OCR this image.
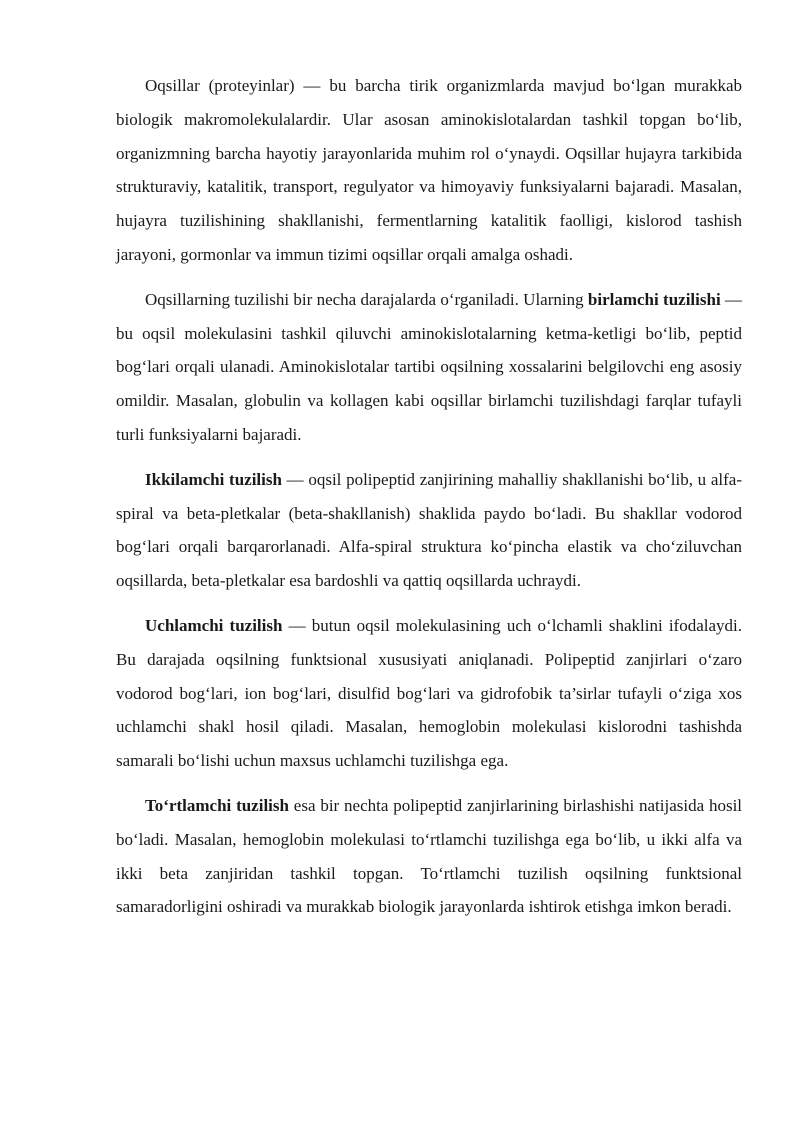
Oqsillar (proteyinlar) — bu barcha tirik organizmlarda mavjud bo‘lgan murakkab biologik makromolekulalardir. Ular asosan aminokislotalardan tashkil topgan bo‘lib, organizmning barcha hayotiy jarayonlarida muhim rol o‘ynaydi. Oqsillar hujayra tarkibida strukturaviy, katalitik, transport, regulyator va himoyaviy funksiyalarni bajaradi. Masalan, hujayra tuzilishining shakllanishi, fermentlarning katalitik faolligi, kislorod tashish jarayoni, gormonlar va immun tizimi oqsillar orqali amalga oshadi.

Oqsillarning tuzilishi bir necha darajalarda o‘rganiladi. Ularning birlamchi tuzilishi — bu oqsil molekulasini tashkil qiluvchi aminokislotalarning ketma-ketligi bo‘lib, peptid bog‘lari orqali ulanadi. Aminokislotalar tartibi oqsilning xossalarini belgilovchi eng asosiy omildir. Masalan, globulin va kollagen kabi oqsillar birlamchi tuzilishdagi farqlar tufayli turli funksiyalarni bajaradi.

Ikkilamchi tuzilish — oqsil polipeptid zanjirining mahalliy shakllanishi bo‘lib, u alfa-spiral va beta-pletkalar (beta-shakllanish) shaklida paydo bo‘ladi. Bu shakllar vodorod bog‘lari orqali barqarorlanadi. Alfa-spiral struktura ko‘pincha elastik va cho‘ziluvchan oqsillarda, beta-pletkalar esa bardoshli va qattiq oqsillarda uchraydi.

Uchlamchi tuzilish — butun oqsil molekulasining uch o‘lchamli shaklini ifodalaydi. Bu darajada oqsilning funktsional xususiyati aniqlanadi. Polipeptid zanjirlari o‘zaro vodorod bog‘lari, ion bog‘lari, disulfid bog‘lari va gidrofobik ta’sirlar tufayli o‘ziga xos uchlamchi shakl hosil qiladi. Masalan, hemoglobin molekulasi kislorodni tashishda samarali bo‘lishi uchun maxsus uchlamchi tuzilishga ega.

To‘rtlamchi tuzilish esa bir nechta polipeptid zanjirlarining birlashishi natijasida hosil bo‘ladi. Masalan, hemoglobin molekulasi to‘rtlamchi tuzilishga ega bo‘lib, u ikki alfa va ikki beta zanjiridan tashkil topgan. To‘rtlamchi tuzilish oqsilning funktsional samaradorligini oshiradi va murakkab biologik jarayonlarda ishtirok etishga imkon beradi.
